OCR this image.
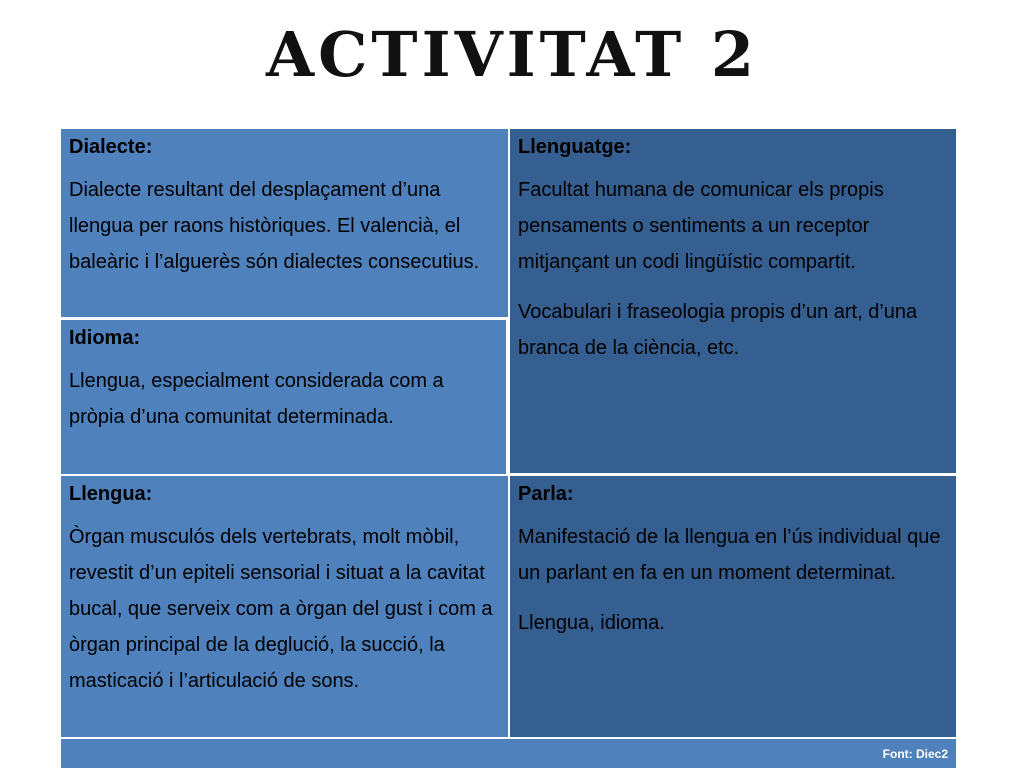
ACTIVITAT 2
Dialecte:

Dialecte resultant del desplaçament d’una llengua per raons històriques. El valencià, el baleàric i l’alguerès són dialectes consecutius.

Llenguatge:

Facultat humana de comunicar els propis pensaments o sentiments a un receptor mitjançant un codi lingüístic compartit.

Vocabulari i fraseologia propis d’un art, d’una branca de la ciència, etc.

Idioma:

Llengua, especialment considerada com a pròpia d’una comunitat determinada.

Llengua:

Òrgan musculós dels vertebrats, molt mòbil, revestit d’un epiteli sensorial i situat a la cavitat bucal, que serveix com a òrgan del gust i com a òrgan principal de la deglució, la succió, la masticació i l’articulació de sons.

Parla:

Manifestació de la llengua en l’ús individual que un parlant en fa en un moment determinat.

Llengua, idioma.

Font: Diec2
